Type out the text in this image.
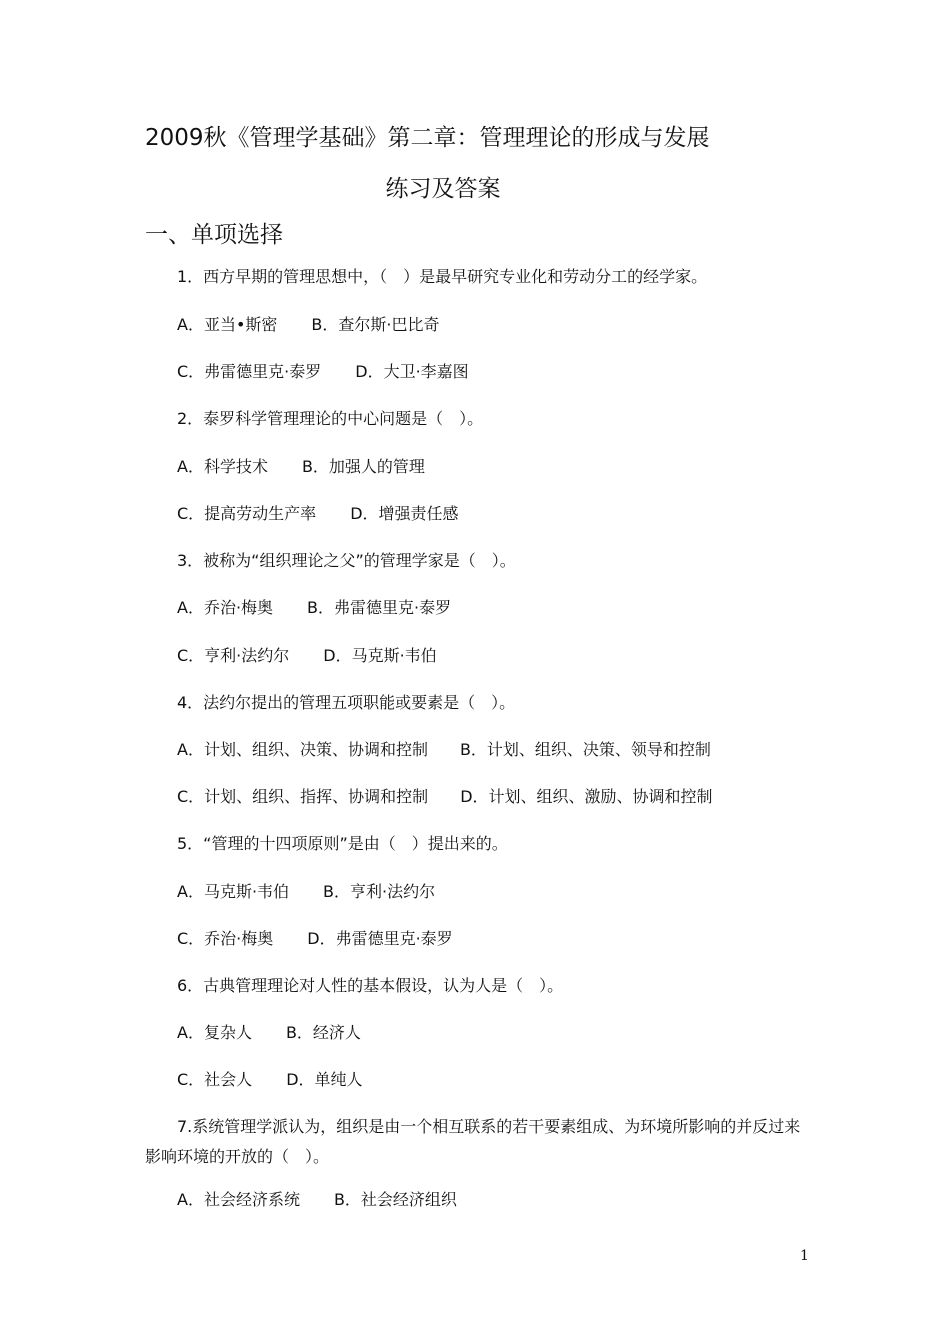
2009秋《管理学基础》第二章：管理理论的形成与发展
练习及答案
一、单项选择
1．西方早期的管理思想中，（　）是最早研究专业化和劳动分工的经学家。
A．亚当•斯密 B．查尔斯·巴比奇
C．弗雷德里克·泰罗 D．大卫·李嘉图
2．泰罗科学管理理论的中心问题是（　）。
A．科学技术 B．加强人的管理
C．提高劳动生产率 D．增强责任感
3．被称为“组织理论之父”的管理学家是（　）。
A．乔治·梅奥 B．弗雷德里克·泰罗
C．亨利·法约尔 D．马克斯·韦伯
4．法约尔提出的管理五项职能或要素是（　）。
A．计划、组织、决策、协调和控制 B．计划、组织、决策、领导和控制
C．计划、组织、指挥、协调和控制 D．计划、组织、激励、协调和控制
5．“管理的十四项原则”是由（　）提出来的。
A．马克斯·韦伯 B．亨利·法约尔
C．乔治·梅奥 D．弗雷德里克·泰罗
6．古典管理理论对人性的基本假设，认为人是（　）。
A．复杂人 B．经济人
C．社会人 D．单纯人
7.系统管理学派认为，组织是由一个相互联系的若干要素组成、为环境所影响的并反过来影响环境的开放的（　）。
A．社会经济系统 B．社会经济组织
1
